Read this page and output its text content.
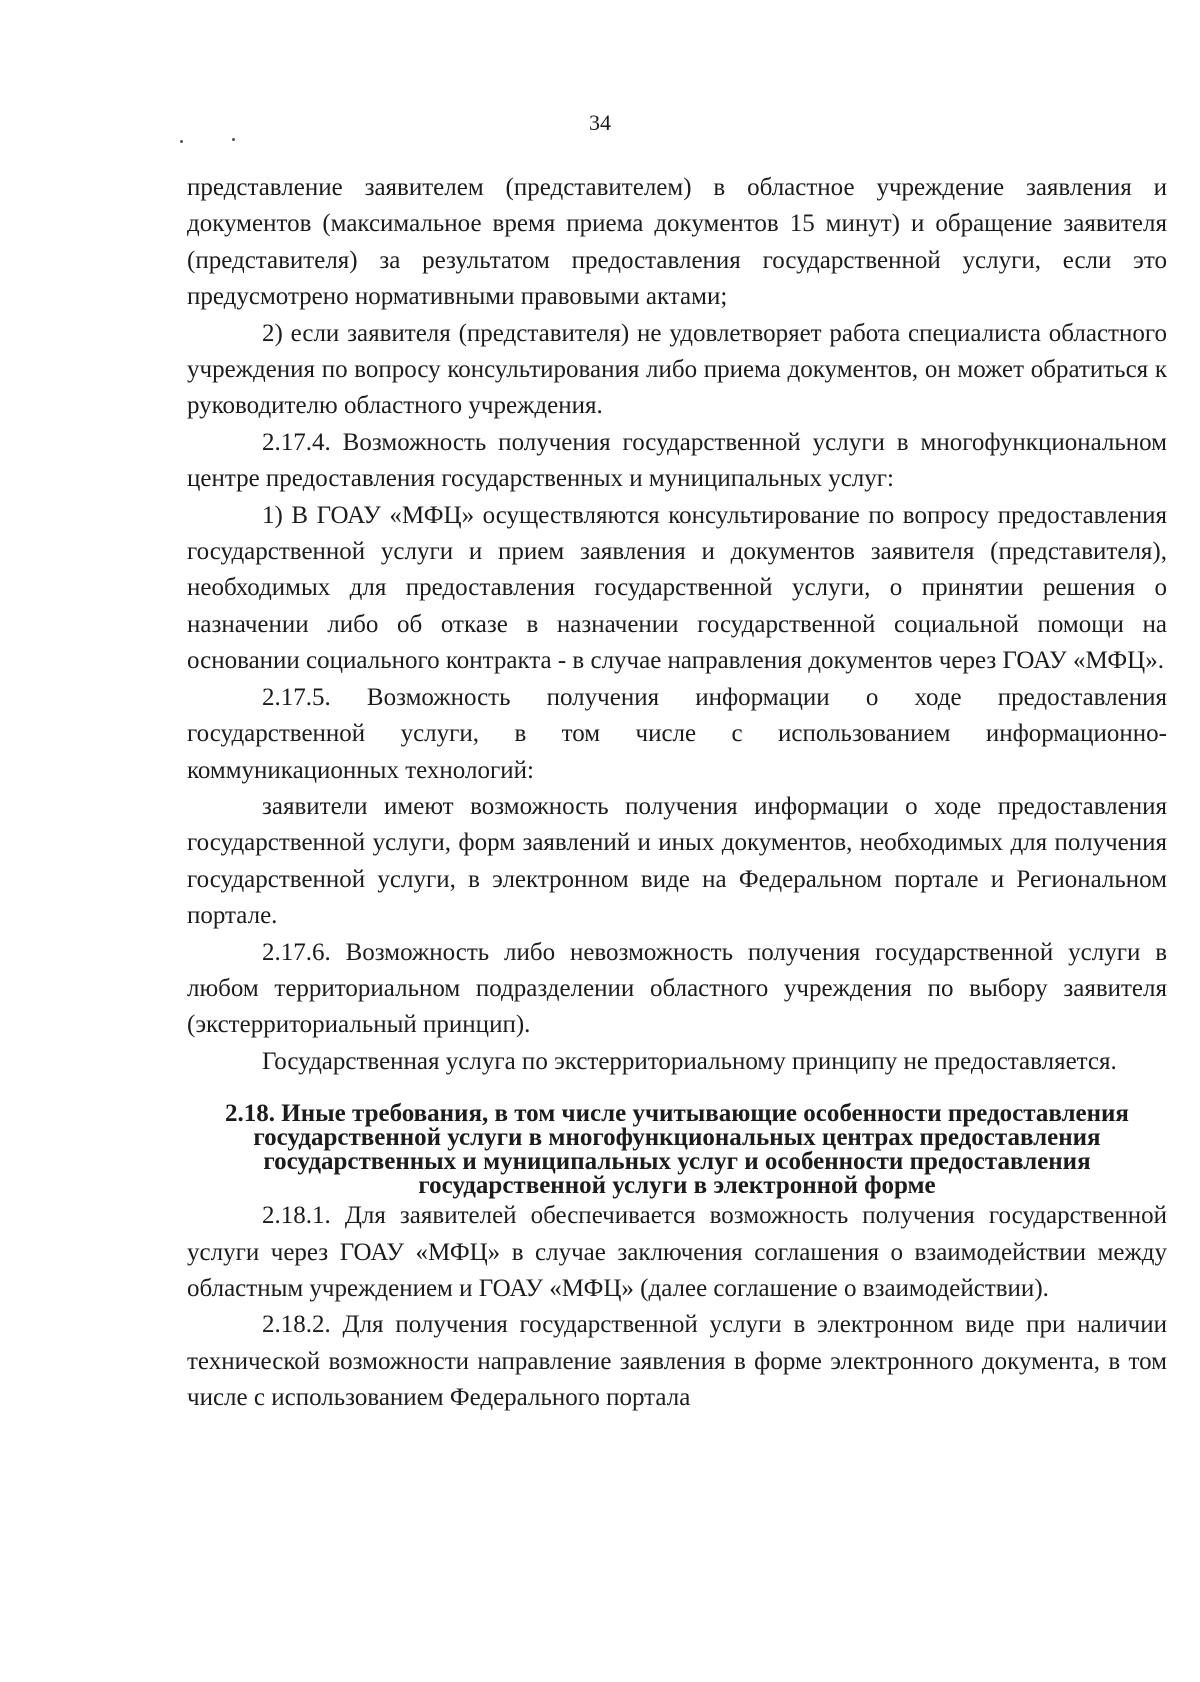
34

представление заявителем (представителем) в областное учреждение заявления и документов (максимальное время приема документов 15 минут) и обращение заявителя (представителя) за результатом предоставления государственной услуги, если это предусмотрено нормативными правовыми актами;

2) если заявителя (представителя) не удовлетворяет работа специалиста областного учреждения по вопросу консультирования либо приема документов, он может обратиться к руководителю областного учреждения.

2.17.4. Возможность получения государственной услуги в многофункциональном центре предоставления государственных и муниципальных услуг:

1) В ГОАУ «МФЦ» осуществляются консультирование по вопросу предоставления государственной услуги и прием заявления и документов заявителя (представителя), необходимых для предоставления государственной услуги, о принятии решения о назначении либо об отказе в назначении государственной социальной помощи на основании социального контракта - в случае направления документов через ГОАУ «МФЦ».

2.17.5. Возможность получения информации о ходе предоставления государственной услуги, в том числе с использованием информационно-коммуникационных технологий:

заявители имеют возможность получения информации о ходе предоставления государственной услуги, форм заявлений и иных документов, необходимых для получения государственной услуги, в электронном виде на Федеральном портале и Региональном портале.

2.17.6. Возможность либо невозможность получения государственной услуги в любом территориальном подразделении областного учреждения по выбору заявителя (экстерриториальный принцип).

Государственная услуга по экстерриториальному принципу не предоставляется.

2.18. Иные требования, в том числе учитывающие особенности предоставления государственной услуги в многофункциональных центрах предоставления государственных и муниципальных услуг и особенности предоставления государственной услуги в электронной форме

2.18.1. Для заявителей обеспечивается возможность получения государственной услуги через ГОАУ «МФЦ» в случае заключения соглашения о взаимодействии между областным учреждением и ГОАУ «МФЦ» (далее соглашение о взаимодействии).

2.18.2. Для получения государственной услуги в электронном виде при наличии технической возможности направление заявления в форме электронного документа, в том числе с использованием Федерального портала
